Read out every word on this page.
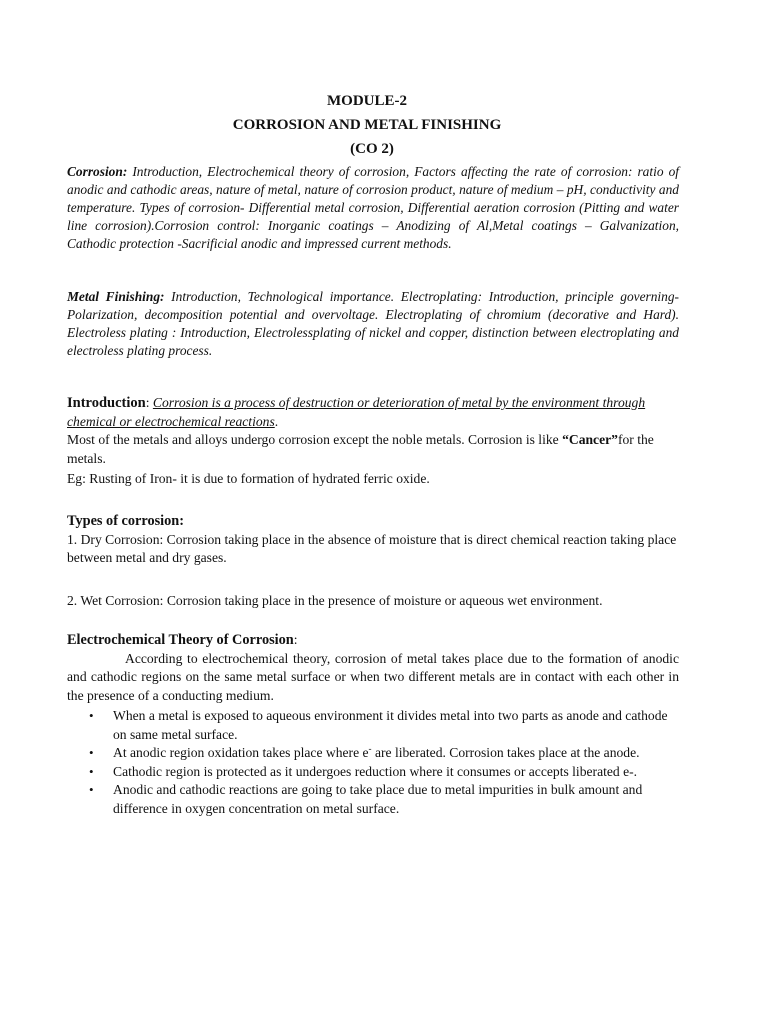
MODULE-2
CORROSION AND METAL FINISHING
(CO 2)
Corrosion: Introduction, Electrochemical theory of corrosion, Factors affecting the rate of corrosion: ratio of anodic and cathodic areas, nature of metal, nature of corrosion product, nature of medium – pH, conductivity and temperature. Types of corrosion- Differential metal corrosion, Differential aeration corrosion (Pitting and water line corrosion).Corrosion control: Inorganic coatings – Anodizing of Al,Metal coatings – Galvanization, Cathodic protection -Sacrificial anodic and impressed current methods.
Metal Finishing: Introduction, Technological importance. Electroplating: Introduction, principle governing- Polarization, decomposition potential and overvoltage. Electroplating of chromium (decorative and Hard). Electroless plating : Introduction, Electrolessplating of nickel and copper, distinction between electroplating and electroless plating process.

Introduction: Corrosion is a process of destruction or deterioration of metal by the environment through chemical or electrochemical reactions.

Most of the metals and alloys undergo corrosion except the noble metals. Corrosion is like “Cancer”for the metals.

Eg: Rusting of Iron- it is due to formation of hydrated ferric oxide.

Types of corrosion:

1. Dry Corrosion: Corrosion taking place in the absence of moisture that is direct chemical reaction taking place between metal and dry gases.

2. Wet Corrosion: Corrosion taking place in the presence of moisture or aqueous wet environment.

Electrochemical Theory of Corrosion:

According to electrochemical theory, corrosion of metal takes place due to the formation of anodic and cathodic regions on the same metal surface or when two different metals are in contact with each other in the presence of a conducting medium.

• When a metal is exposed to aqueous environment it divides metal into two parts as anode and cathode on same metal surface.
• At anodic region oxidation takes place where e- are liberated. Corrosion takes place at the anode.
• Cathodic region is protected as it undergoes reduction where it consumes or accepts liberated e-.
• Anodic and cathodic reactions are going to take place due to metal impurities in bulk amount and difference in oxygen concentration on metal surface.
